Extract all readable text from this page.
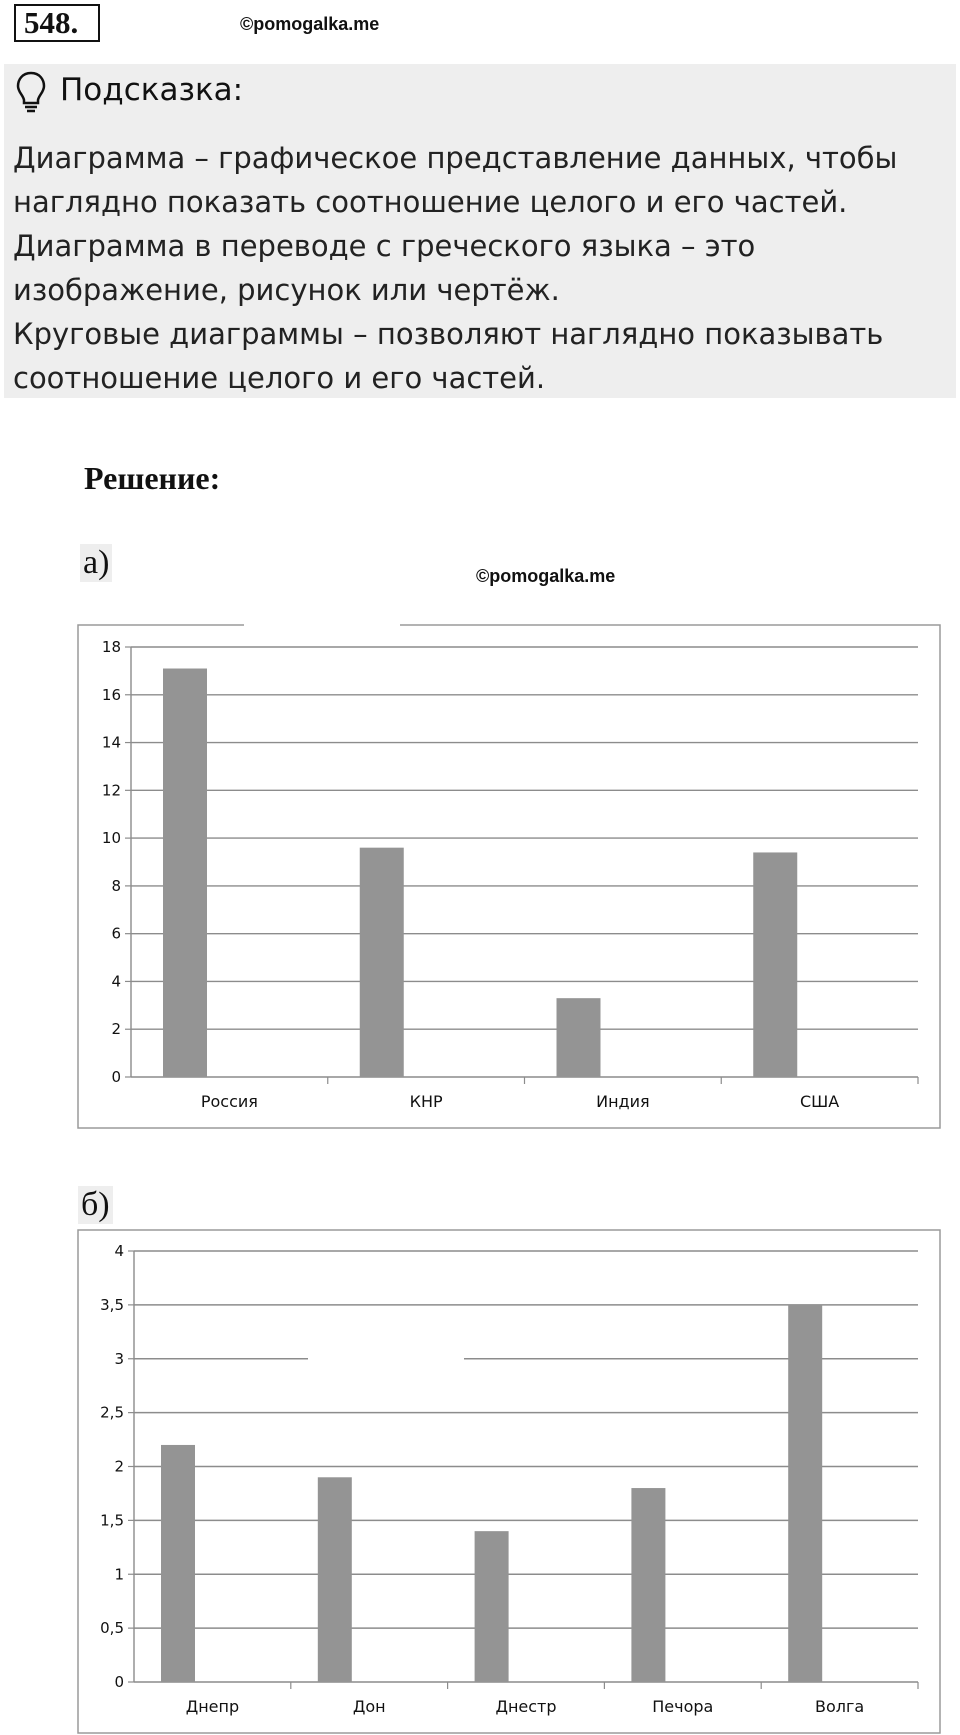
548.	©pomogalka.me
Подсказка:
Диаграмма – графическое представление данных, чтобы
наглядно показать соотношение целого и его частей.
Диаграмма в переводе с греческого языка – это
изображение, рисунок или чертёж.
Круговые диаграммы – позволяют наглядно показывать
соотношение целого и его частей.
Решение:
а)	©pomogalka.me
0
2
4
6
8
10
12
14
16
18
Россия	КНР	Индия	США
б)
0
0,5
1
1,5
2
2,5
3
3,5
4
Днепр	Дон	Днестр	Печора	Волга
